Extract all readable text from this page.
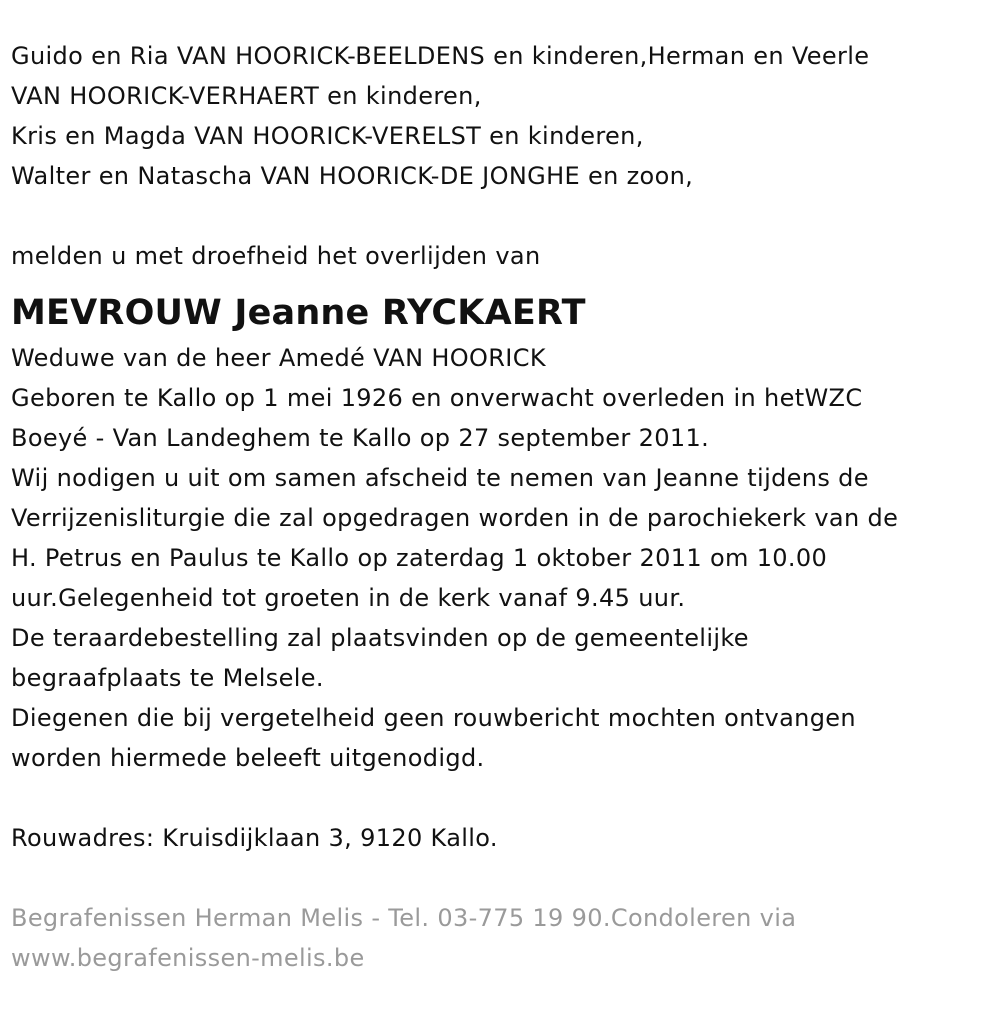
Guido en Ria VAN HOORICK-BEELDENS en kinderen,Herman en Veerle
VAN HOORICK-VERHAERT en kinderen,
Kris en Magda VAN HOORICK-VERELST en kinderen,
Walter en Natascha VAN HOORICK-DE JONGHE en zoon,
melden u met droefheid het overlijden van
MEVROUW Jeanne RYCKAERT
Weduwe van de heer Amedé VAN HOORICK
Geboren te Kallo op 1 mei 1926 en onverwacht overleden in hetWZC
Boeyé - Van Landeghem te Kallo op 27 september 2011.
Wij nodigen u uit om samen afscheid te nemen van Jeanne tijdens de
Verrijzenisliturgie die zal opgedragen worden in de parochiekerk van de
H. Petrus en Paulus te Kallo op zaterdag 1 oktober 2011 om 10.00
uur.Gelegenheid tot groeten in de kerk vanaf 9.45 uur.
De teraardebestelling zal plaatsvinden op de gemeentelijke
begraafplaats te Melsele.
Diegenen die bij vergetelheid geen rouwbericht mochten ontvangen
worden hiermede beleeft uitgenodigd.
Rouwadres: Kruisdijklaan 3, 9120 Kallo.
Begrafenissen Herman Melis - Tel. 03-775 19 90.Condoleren via
www.begrafenissen-melis.be
